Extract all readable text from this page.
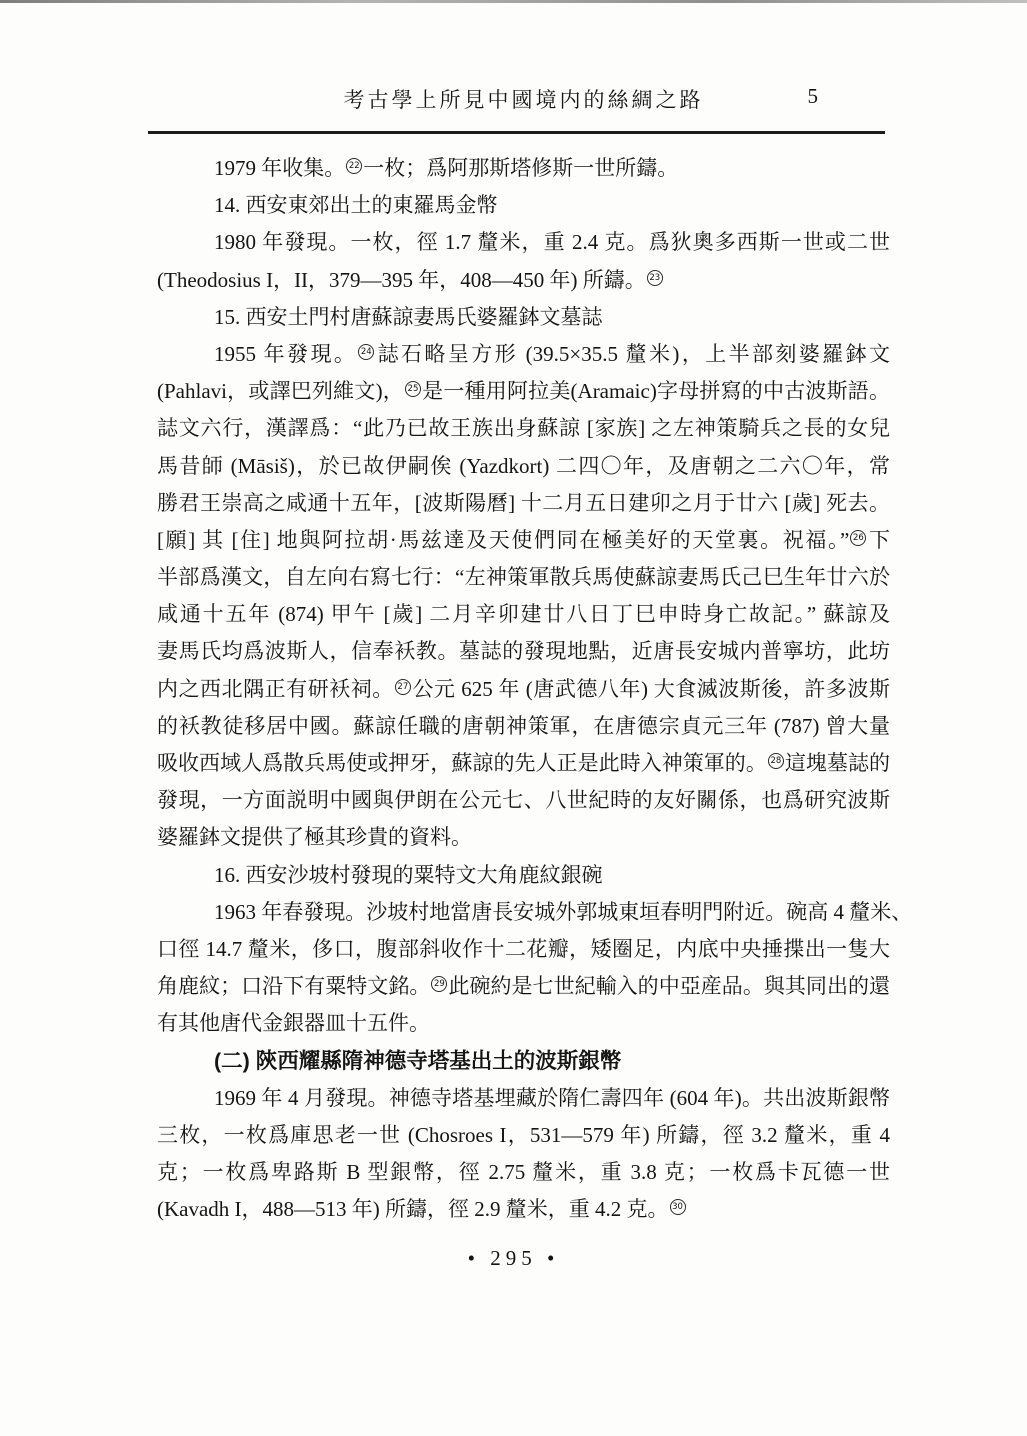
考古學上所見中國境内的絲綢之路	5
1979 年收集。 22 一枚；爲阿那斯塔修斯一世所鑄。
14. 西安東郊出土的東羅馬金幣
1980 年發現。一枚，徑 1.7 釐米，重 2.4 克。爲狄奧多西斯一世或二世
(Theodosius I，II，379—395 年，408—450 年) 所鑄。 23
15. 西安土門村唐蘇諒妻馬氏婆羅鉢文墓誌
1955 年發現。 24 誌石略呈方形 (39.5×35.5 釐米)，上半部刻婆羅鉢文
(Pahlavi，或譯巴列維文)， 25 是一種用阿拉美(Aramaic)字母拼寫的中古波斯語。
誌文六行，漢譯爲：“此乃已故王族出身蘇諒 [家族] 之左神策騎兵之長的女兒
馬昔師 (Māsiš)，於已故伊嗣俟 (Yazdkort) 二四〇年，及唐朝之二六〇年，常
勝君王崇高之咸通十五年，[波斯陽曆] 十二月五日建卯之月于廿六 [歲] 死去。
[願] 其 [住] 地與阿拉胡·馬兹達及天使們同在極美好的天堂裏。祝福。” 26 下
半部爲漢文，自左向右寫七行：“左神策軍散兵馬使蘇諒妻馬氏己巳生年廿六於
咸通十五年 (874) 甲午 [歲] 二月辛卯建廿八日丁巳申時身亡故記。” 蘇諒及
妻馬氏均爲波斯人，信奉袄教。墓誌的發現地點，近唐長安城内普寧坊，此坊
内之西北隅正有研袄祠。 27 公元 625 年 (唐武德八年) 大食滅波斯後，許多波斯
的袄教徒移居中國。蘇諒任職的唐朝神策軍，在唐德宗貞元三年 (787) 曾大量
吸收西域人爲散兵馬使或押牙，蘇諒的先人正是此時入神策軍的。 28 這塊墓誌的
發現，一方面説明中國與伊朗在公元七、八世紀時的友好關係，也爲研究波斯
婆羅鉢文提供了極其珍貴的資料。
16. 西安沙坡村發現的粟特文大角鹿紋銀碗
1963 年春發現。沙坡村地當唐長安城外郭城東垣春明門附近。碗高 4 釐米、
口徑 14.7 釐米，侈口，腹部斜收作十二花瓣，矮圈足，内底中央捶揲出一隻大
角鹿紋；口沿下有粟特文銘。 29 此碗約是七世紀輸入的中亞産品。與其同出的還
有其他唐代金銀器皿十五件。
(二) 陝西耀縣隋神德寺塔基出土的波斯銀幣
1969 年 4 月發現。神德寺塔基埋藏於隋仁壽四年 (604 年)。共出波斯銀幣
三枚，一枚爲庫思老一世 (Chosroes I，531—579 年) 所鑄，徑 3.2 釐米，重 4
克；一枚爲卑路斯 B 型銀幣，徑 2.75 釐米，重 3.8 克；一枚爲卡瓦德一世
(Kavadh I，488—513 年) 所鑄，徑 2.9 釐米，重 4.2 克。 30
• 295 •
